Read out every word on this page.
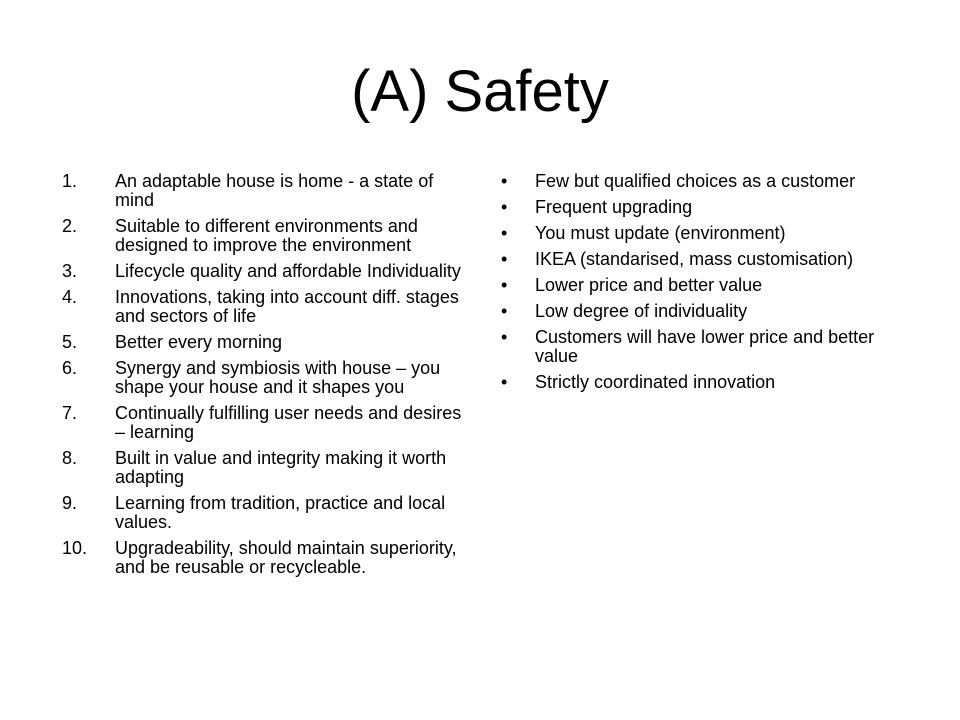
(A) Safety
1. An adaptable house is home - a state of mind
2. Suitable to different environments and designed to improve the environment
3. Lifecycle quality and affordable Individuality
4. Innovations, taking into account diff. stages and sectors of life
5. Better every morning
6. Synergy and symbiosis with house – you shape your house and it shapes you
7. Continually fulfilling user needs and desires – learning
8. Built in value and integrity making it worth adapting
9. Learning from tradition, practice and local values.
10. Upgradeability, should maintain superiority, and be reusable or recycleable.
• Few but qualified choices as a customer
• Frequent upgrading
• You must update (environment)
• IKEA (standarised, mass customisation)
• Lower price and better value
• Low degree of individuality
• Customers will have lower price and better value
• Strictly coordinated innovation
